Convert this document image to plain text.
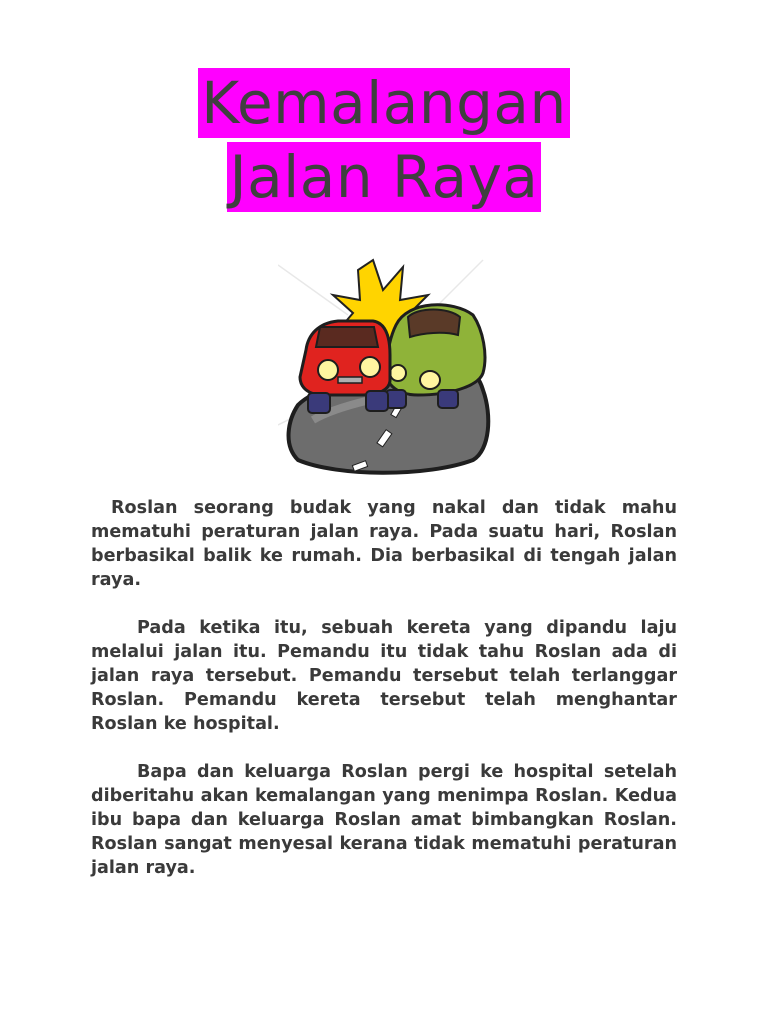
Kemalangan
Jalan Raya

Roslan seorang budak yang nakal dan tidak mahu mematuhi peraturan jalan raya. Pada suatu hari, Roslan berbasikal balik ke rumah. Dia berbasikal di tengah jalan raya.

Pada ketika itu, sebuah kereta yang dipandu laju melalui jalan itu. Pemandu itu tidak tahu Roslan ada di jalan raya tersebut. Pemandu tersebut telah terlanggar Roslan. Pemandu kereta tersebut telah menghantar Roslan ke hospital.

Bapa dan keluarga Roslan pergi ke hospital setelah diberitahu akan kemalangan yang menimpa Roslan. Kedua ibu bapa dan keluarga Roslan amat bimbangkan Roslan. Roslan sangat menyesal kerana tidak mematuhi peraturan jalan raya.
